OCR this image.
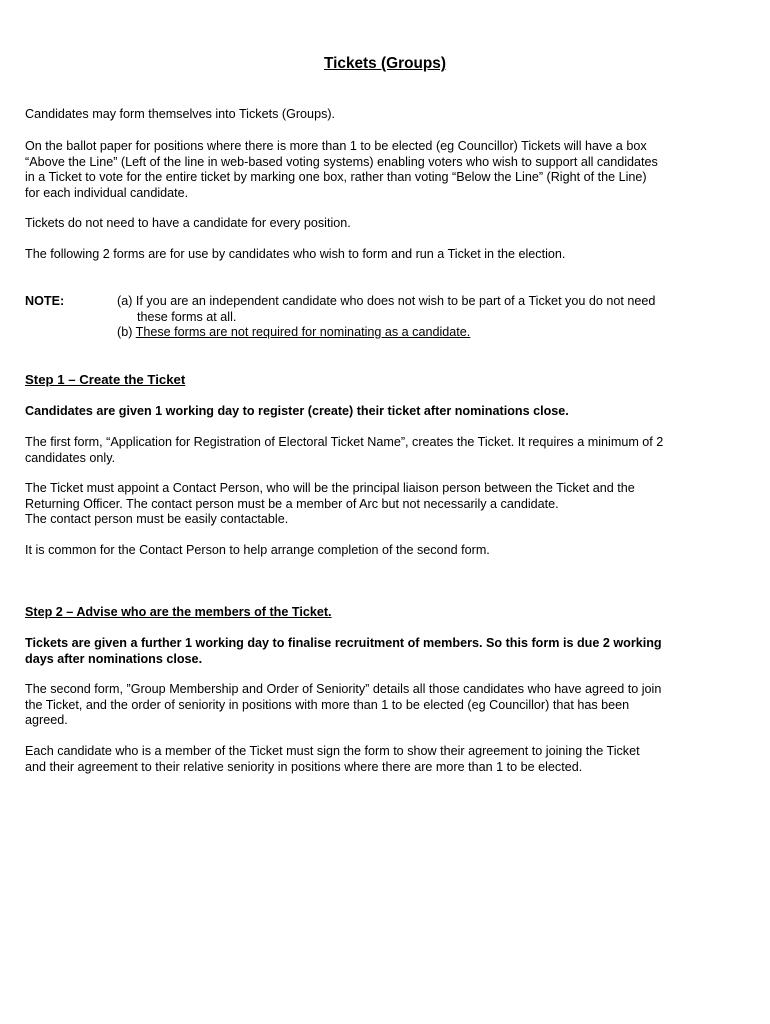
Tickets (Groups)

Candidates may form themselves into Tickets (Groups).

On the ballot paper for positions where there is more than 1 to be elected (eg Councillor) Tickets will have a box
“Above the Line” (Left of the line in web-based voting systems) enabling voters who wish to support all candidates
in a Ticket to vote for the entire ticket by marking one box, rather than voting “Below the Line” (Right of the Line)
for each individual candidate.

Tickets do not need to have a candidate for every position.

The following 2 forms are for use by candidates who wish to form and run a Ticket in the election.

NOTE:	(a) If you are an independent candidate who does not wish to be part of a Ticket you do not need
these forms at all.

(b) These forms are not required for nominating as a candidate.

Step 1 – Create the Ticket

Candidates are given 1 working day to register (create) their ticket after nominations close.

The first form, “Application for Registration of Electoral Ticket Name”, creates the Ticket. It requires a minimum of 2
candidates only.

The Ticket must appoint a Contact Person, who will be the principal liaison person between the Ticket and the
Returning Officer. The contact person must be a member of Arc but not necessarily a candidate.
The contact person must be easily contactable.

It is common for the Contact Person to help arrange completion of the second form.

Step 2 – Advise who are the members of the Ticket.

Tickets are given a further 1 working day to finalise recruitment of members. So this form is due 2 working
days after nominations close.

The second form, ”Group Membership and Order of Seniority” details all those candidates who have agreed to join
the Ticket, and the order of seniority in positions with more than 1 to be elected (eg Councillor) that has been
agreed.

Each candidate who is a member of the Ticket must sign the form to show their agreement to joining the Ticket
and their agreement to their relative seniority in positions where there are more than 1 to be elected.
